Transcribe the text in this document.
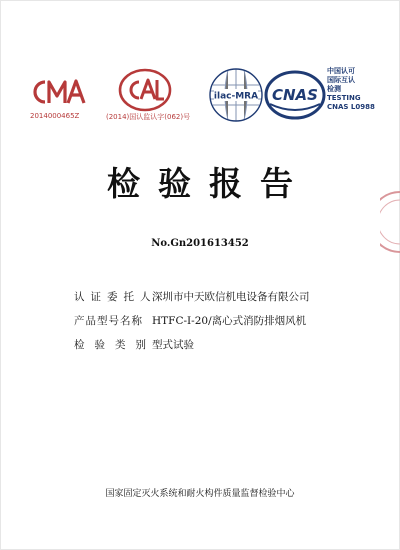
2014000465Z	(2014)国认监认字(062)号
ilac-MRA CNAS
中国认可
国际互认
检测
TESTING
CNAS L0988
检验报告
No.Gn201613452
认证委托人
深圳市中天欧信机电设备有限公司
产品型号名称 HTFC-Ⅰ-20/离心式消防排烟风机
检验类别
型式试验
国家固定灭火系统和耐火构件质量监督检验中心
